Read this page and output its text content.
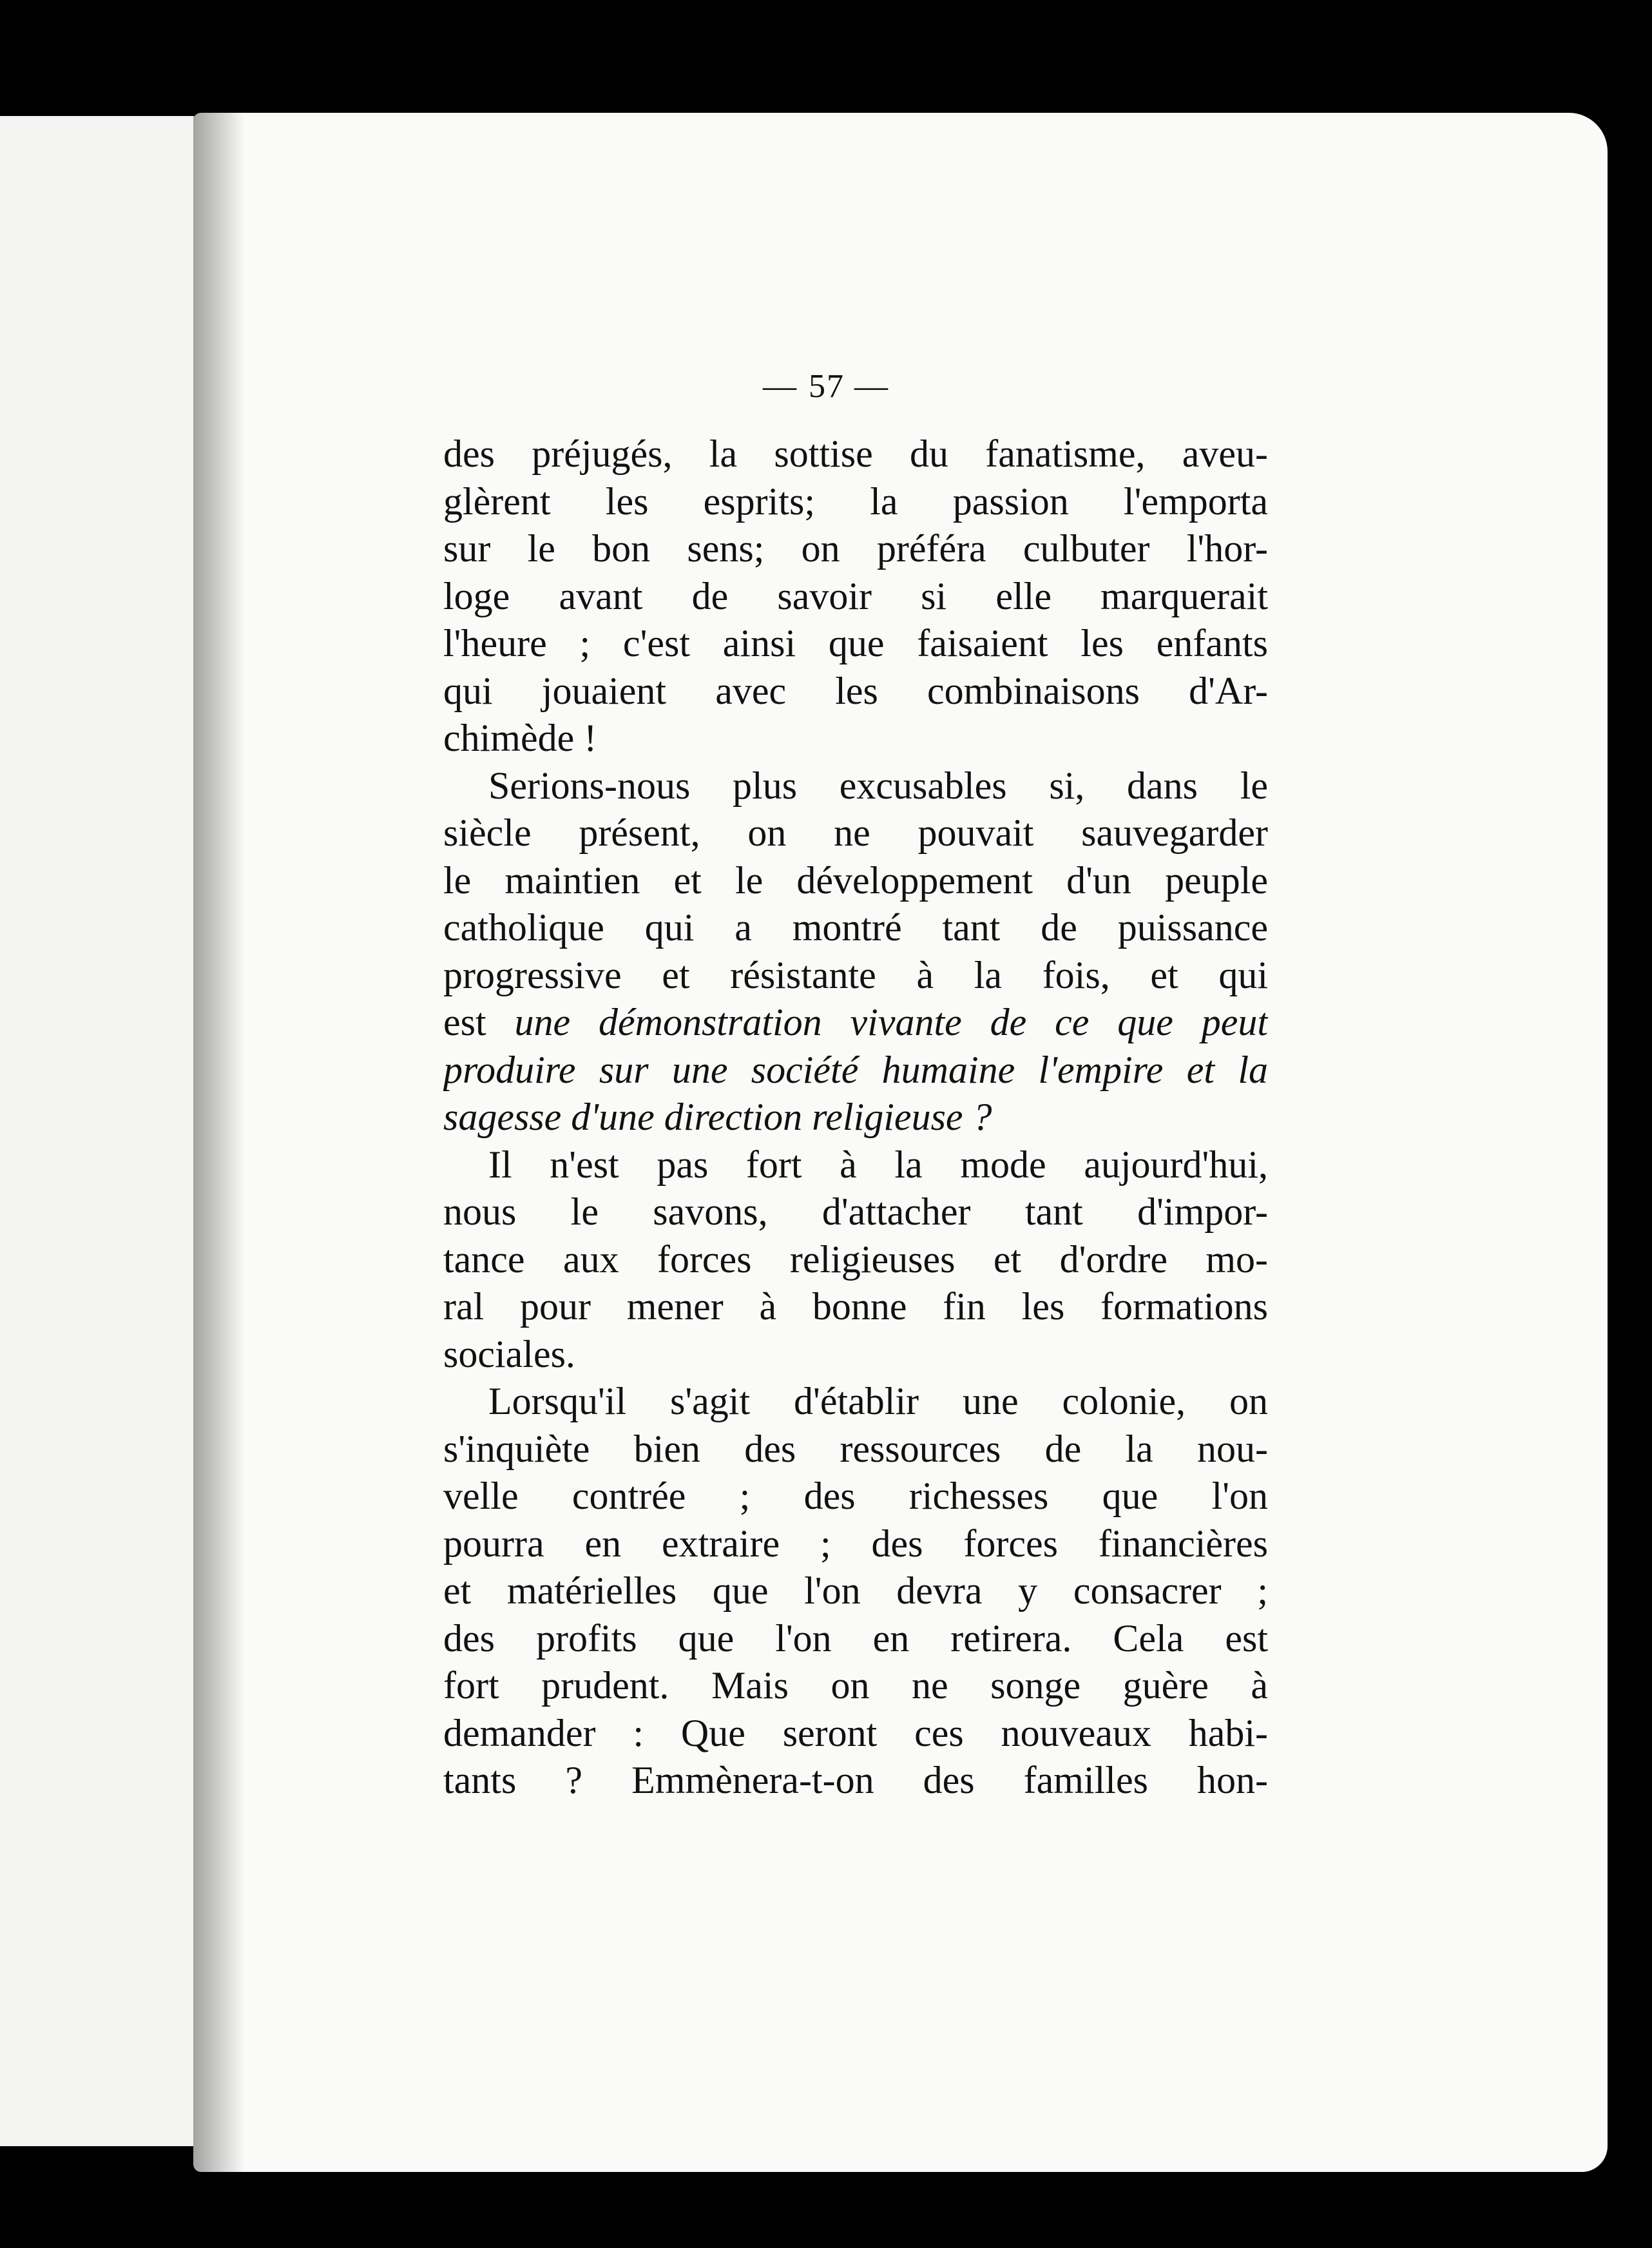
— 57 —
des préjugés, la sottise du fanatisme, aveu-
glèrent les esprits; la passion l'emporta
sur le bon sens; on préféra culbuter l'hor-
loge avant de savoir si elle marquerait
l'heure ; c'est ainsi que faisaient les enfants
qui jouaient avec les combinaisons d'Ar-
chimède !
Serions-nous plus excusables si, dans le
siècle présent, on ne pouvait sauvegarder
le maintien et le développement d'un peuple
catholique qui a montré tant de puissance
progressive et résistante à la fois, et qui
est une démonstration vivante de ce que peut
produire sur une société humaine l'empire et la
sagesse d'une direction religieuse ?
Il n'est pas fort à la mode aujourd'hui,
nous le savons, d'attacher tant d'impor-
tance aux forces religieuses et d'ordre mo-
ral pour mener à bonne fin les formations
sociales.
Lorsqu'il s'agit d'établir une colonie, on
s'inquiète bien des ressources de la nou-
velle contrée ; des richesses que l'on
pourra en extraire ; des forces financières
et matérielles que l'on devra y consacrer ;
des profits que l'on en retirera. Cela est
fort prudent. Mais on ne songe guère à
demander : Que seront ces nouveaux habi-
tants ? Emmènera-t-on des familles hon-
